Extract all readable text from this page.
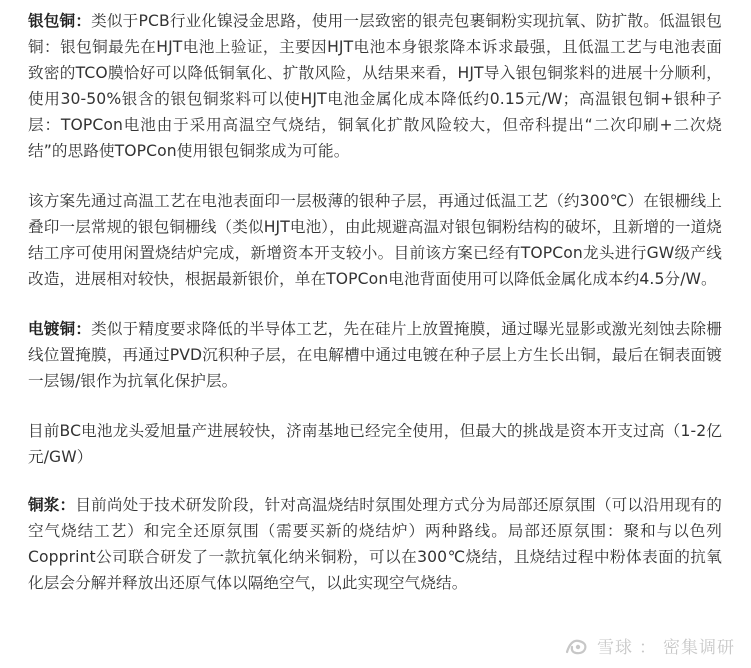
银包铜：类似于PCB行业化镍浸金思路，使用一层致密的银壳包裹铜粉实现抗氧、防扩散。低温银包铜：银包铜最先在HJT电池上验证，主要因HJT电池本身银浆降本诉求最强，且低温工艺与电池表面致密的TCO膜恰好可以降低铜氧化、扩散风险，从结果来看，HJT导入银包铜浆料的进展十分顺利，使用30-50%银含的银包铜浆料可以使HJT电池金属化成本降低约0.15元/W；高温银包铜+银种子层：TOPCon电池由于采用高温空气烧结，铜氧化扩散风险较大，但帝科提出“二次印刷+二次烧结”的思路使TOPCon使用银包铜浆成为可能。

该方案先通过高温工艺在电池表面印一层极薄的银种子层，再通过低温工艺（约300℃）在银栅线上叠印一层常规的银包铜栅线（类似HJT电池），由此规避高温对银包铜粉结构的破坏，且新增的一道烧结工序可使用闲置烧结炉完成，新增资本开支较小。目前该方案已经有TOPCon龙头进行GW级产线改造，进展相对较快，根据最新银价，单在TOPCon电池背面使用可以降低金属化成本约4.5分/W。

电镀铜：类似于精度要求降低的半导体工艺，先在硅片上放置掩膜，通过曝光显影或激光刻蚀去除栅线位置掩膜，再通过PVD沉积种子层，在电解槽中通过电镀在种子层上方生长出铜，最后在铜表面镀一层锡/银作为抗氧化保护层。

目前BC电池龙头爱旭量产进展较快，济南基地已经完全使用，但最大的挑战是资本开支过高（1-2亿元/GW）

铜浆：目前尚处于技术研发阶段，针对高温烧结时氛围处理方式分为局部还原氛围（可以沿用现有的空气烧结工艺）和完全还原氛围（需要买新的烧结炉）两种路线。局部还原氛围：聚和与以色列Copprint公司联合研发了一款抗氧化纳米铜粉，可以在300℃烧结，且烧结过程中粉体表面的抗氧化层会分解并释放出还原气体以隔绝空气，以此实现空气烧结。

雪球 ： 密集调研
